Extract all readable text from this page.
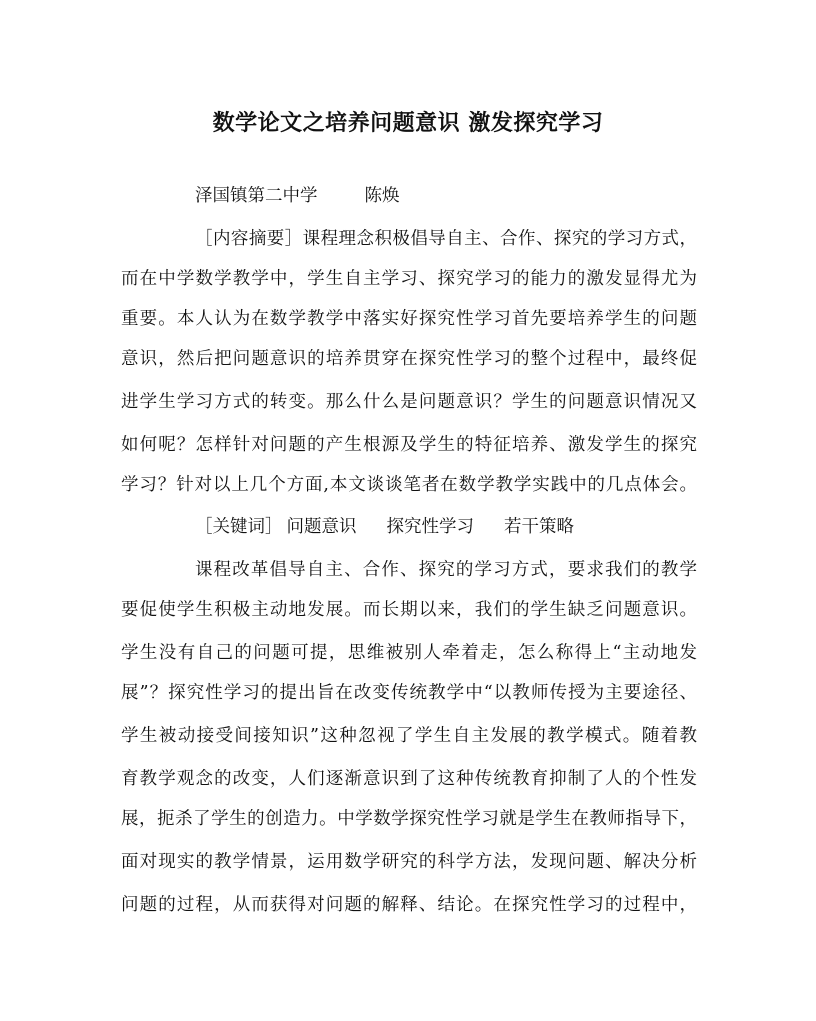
数学论文之培养问题意识 激发探究学习
泽国镇第二中学	陈焕
［内容摘要］课程理念积极倡导自主、合作、探究的学习方式，
而在中学数学教学中，学生自主学习、探究学习的能力的激发显得尤为
重要。本人认为在数学教学中落实好探究性学习首先要培养学生的问题
意识，然后把问题意识的培养贯穿在探究性学习的整个过程中，最终促
进学生学习方式的转变。那么什么是问题意识？学生的问题意识情况又
如何呢？怎样针对问题的产生根源及学生的特征培养、激发学生的探究
学习？针对以上几个方面,本文谈谈笔者在数学教学实践中的几点体会。
［关键词］ 问题意识 探究性学习 若干策略
课程改革倡导自主、合作、探究的学习方式，要求我们的教学
要促使学生积极主动地发展。而长期以来，我们的学生缺乏问题意识。
学生没有自己的问题可提，思维被别人牵着走，怎么称得上“主动地发
展”？探究性学习的提出旨在改变传统教学中“以教师传授为主要途径、
学生被动接受间接知识”这种忽视了学生自主发展的教学模式。随着教
育教学观念的改变，人们逐渐意识到了这种传统教育抑制了人的个性发
展，扼杀了学生的创造力。中学数学探究性学习就是学生在教师指导下，
面对现实的教学情景，运用数学研究的科学方法，发现问题、解决分析
问题的过程，从而获得对问题的解释、结论。在探究性学习的过程中，
